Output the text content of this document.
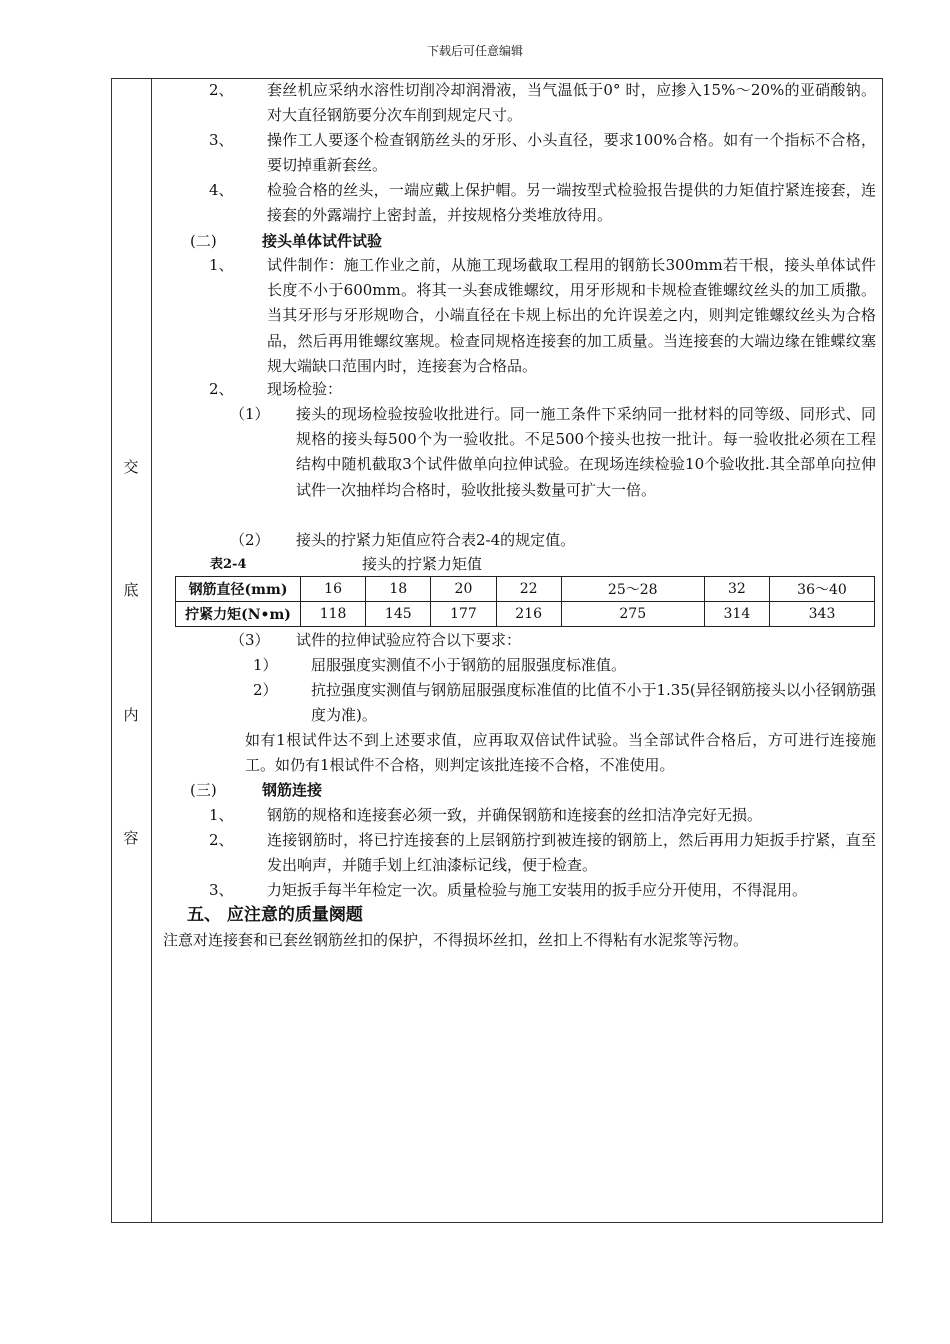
下载后可任意编辑
交
底
内
容
2、 套丝机应采纳水溶性切削冷却润滑液，当气温低于0° 时，应掺入15%～20%的亚硝酸钠。对大直径钢筋要分次车削到规定尺寸。
3、 操作工人要逐个检查钢筋丝头的牙形、小头直径，要求100%合格。如有一个指标不合格，要切掉重新套丝。
4、 检验合格的丝头，一端应戴上保护帽。另一端按型式检验报告提供的力矩值拧紧连接套，连接套的外露端拧上密封盖，并按规格分类堆放待用。
(二)	接头单体试件试验
1、 试件制作：施工作业之前，从施工现场截取工程用的钢筋长300mm若干根，接头单体试件长度不小于600mm。将其一头套成锥螺纹，用牙形规和卡规检查锥螺纹丝头的加工质撒。当其牙形与牙形规吻合，小端直径在卡规上标出的允许误差之内，则判定锥螺纹丝头为合格品，然后再用锥螺纹塞规。检查同规格连接套的加工质量。当连接套的大端边缘在锥蝶纹塞规大端缺口范围内时，连接套为合格品。
2、 现场检验：
（1） 接头的现场检验按验收批进行。同一施工条件下采纳同一批材料的同等级、同形式、同规格的接头每500个为一验收批。不足500个接头也按一批计。每一验收批必须在工程结构中随机截取3个试件做单向拉伸试验。在现场连续检验10个验收批.其全部单向拉伸试件一次抽样均合格时，验收批接头数量可扩大一倍。
（2） 接头的拧紧力矩值应符合表2-4的规定值。
表2-4	接头的拧紧力矩值
钢筋直径(mm)	16	18	20	22	25～28	32	36～40
拧紧力矩(N•m)	118	145	177	216	275	314	343
（3） 试件的拉伸试验应符合以下要求：
1） 屈服强度实测值不小于钢筋的屈服强度标准值。
2） 抗拉强度实测值与钢筋屈服强度标准值的比值不小于1.35(异径钢筋接头以小径钢筋强度为准)。
如有1根试件达不到上述要求值，应再取双倍试件试验。当全部试件合格后，方可进行连接施工。如仍有1根试件不合格，则判定该批连接不合格，不准使用。
(三)	钢筋连接
1、 钢筋的规格和连接套必须一致，并确保钢筋和连接套的丝扣洁净完好无损。
2、 连接钢筋时，将已拧连接套的上层钢筋拧到被连接的钢筋上，然后再用力矩扳手拧紧，直至发出响声，并随手划上红油漆标记线，便于检查。
3、 力矩扳手每半年检定一次。质量检验与施工安装用的扳手应分开使用，不得混用。
五、 应注意的质量阕题
注意对连接套和已套丝钢筋丝扣的保护，不得损坏丝扣，丝扣上不得粘有水泥浆等污物。
